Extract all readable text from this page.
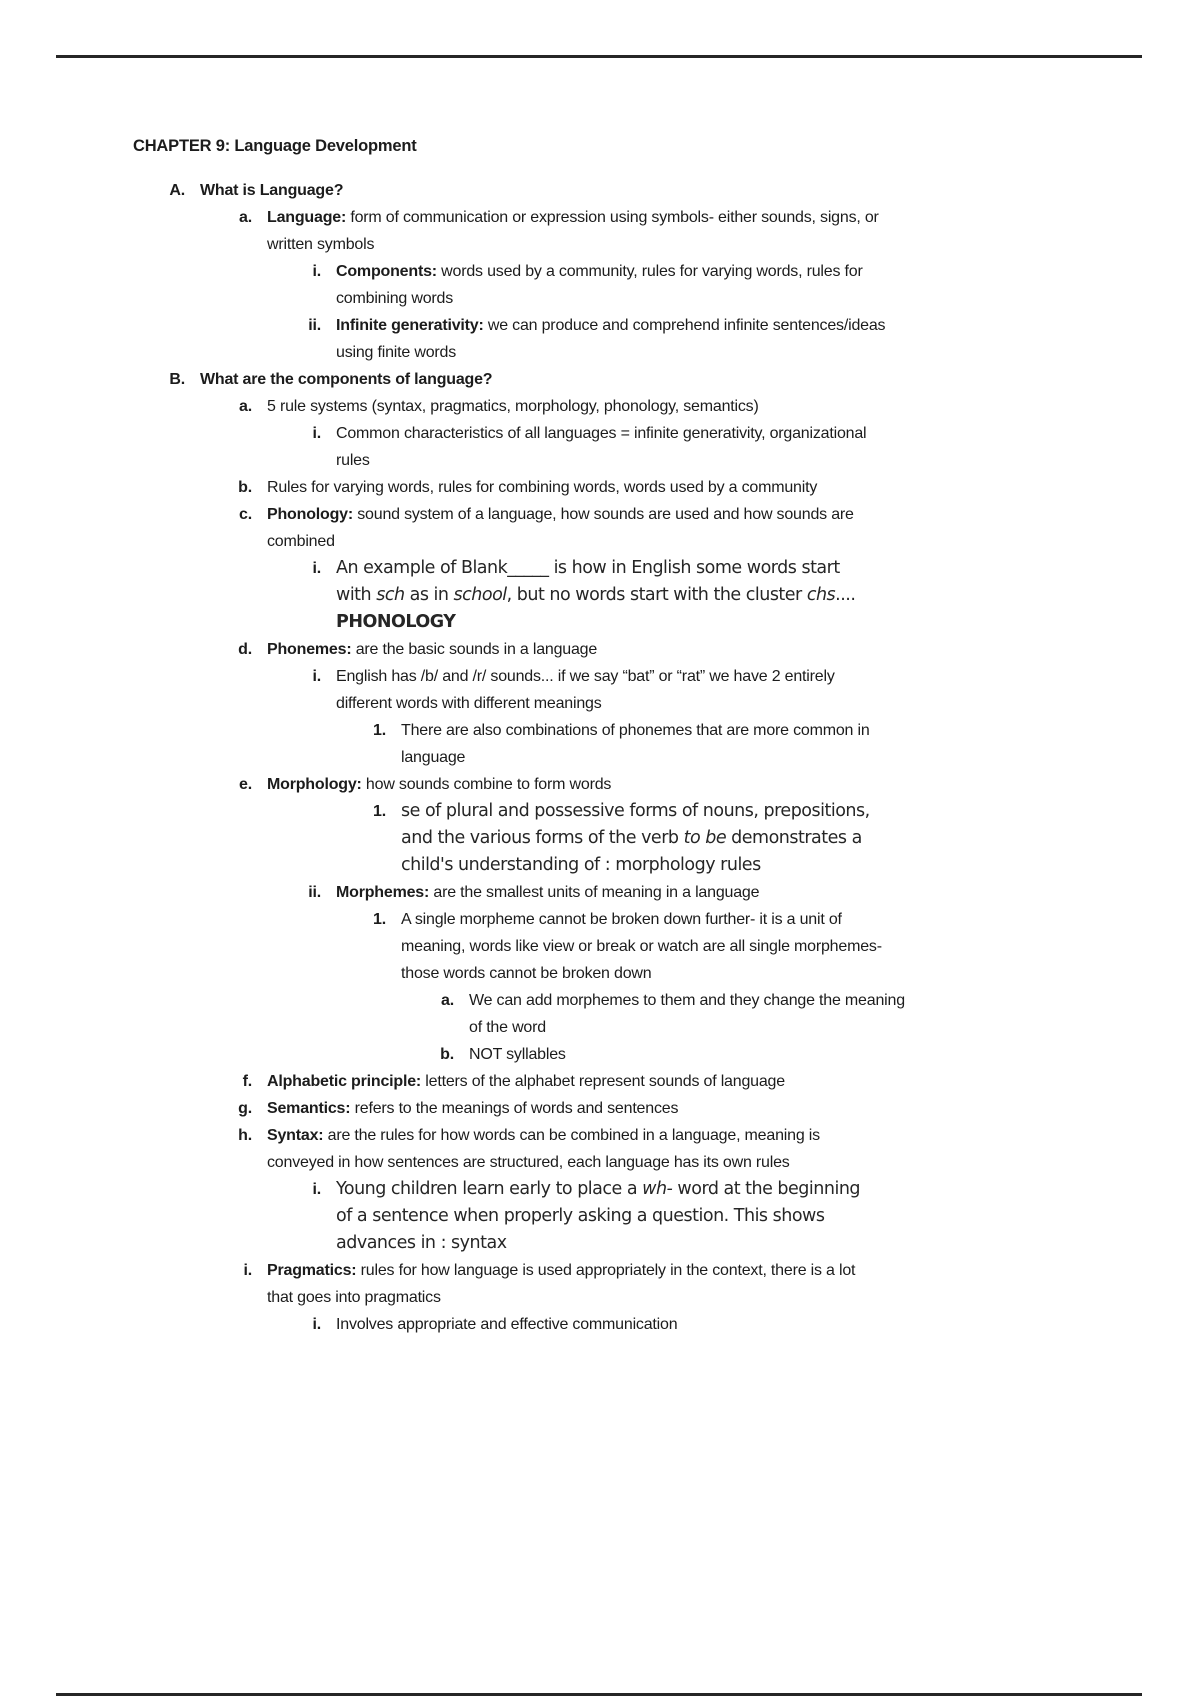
CHAPTER 9: Language Development
A. What is Language?
a. Language: form of communication or expression using symbols- either sounds, signs, or
written symbols
i. Components: words used by a community, rules for varying words, rules for
combining words
ii. Infinite generativity: we can produce and comprehend infinite sentences/ideas
using finite words
B. What are the components of language?
a. 5 rule systems (syntax, pragmatics, morphology, phonology, semantics)
i. Common characteristics of all languages = infinite generativity, organizational
rules
b. Rules for varying words, rules for combining words, words used by a community
c. Phonology: sound system of a language, how sounds are used and how sounds are
combined
i. An example of Blank_____ is how in English some words start
with sch as in school, but no words start with the cluster chs....
PHONOLOGY
d. Phonemes: are the basic sounds in a language
i. English has /b/ and /r/ sounds... if we say “bat” or “rat” we have 2 entirely
different words with different meanings
1. There are also combinations of phonemes that are more common in
language
e. Morphology: how sounds combine to form words
1. se of plural and possessive forms of nouns, prepositions,
and the various forms of the verb to be demonstrates a
child's understanding of : morphology rules
ii. Morphemes: are the smallest units of meaning in a language
1. A single morpheme cannot be broken down further- it is a unit of
meaning, words like view or break or watch are all single morphemes-
those words cannot be broken down
a. We can add morphemes to them and they change the meaning
of the word
b. NOT syllables
f. Alphabetic principle: letters of the alphabet represent sounds of language
g. Semantics: refers to the meanings of words and sentences
h. Syntax: are the rules for how words can be combined in a language, meaning is
conveyed in how sentences are structured, each language has its own rules
i. Young children learn early to place a wh- word at the beginning
of a sentence when properly asking a question. This shows
advances in : syntax
i. Pragmatics: rules for how language is used appropriately in the context, there is a lot
that goes into pragmatics
i. Involves appropriate and effective communication
